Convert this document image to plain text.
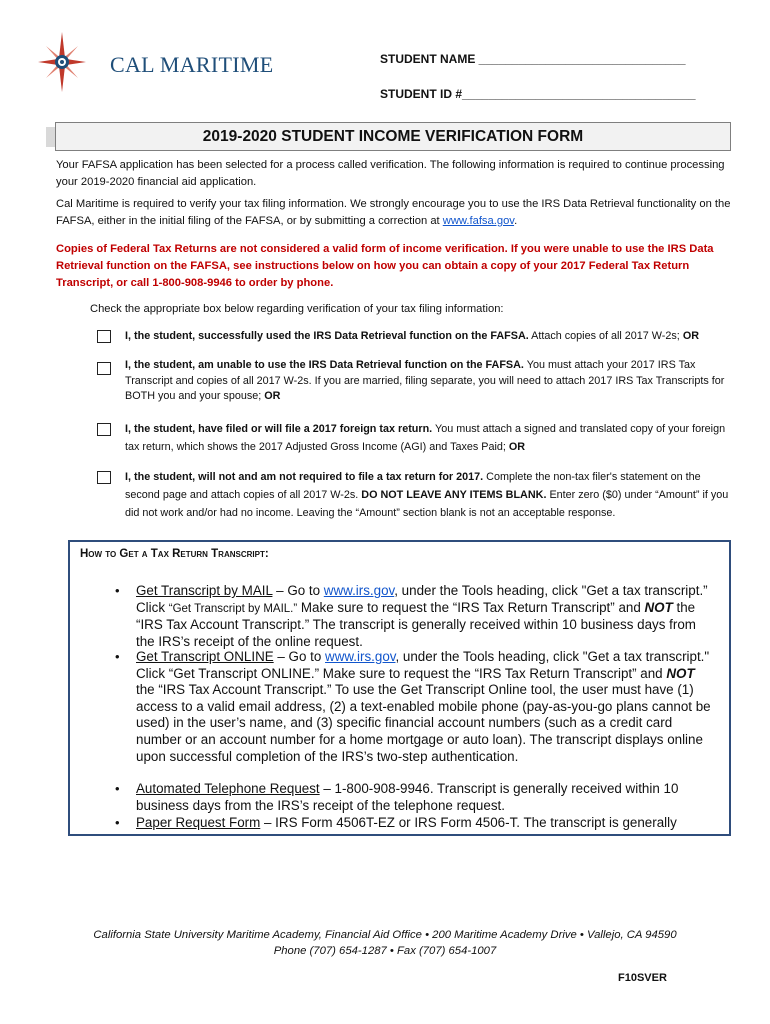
CAL MARITIME	STUDENT NAME _______________________________
STUDENT ID #___________________________________
2019-2020 STUDENT INCOME VERIFICATION FORM
Your FAFSA application has been selected for a process called verification. The following information is required to continue processing your 2019-2020 financial aid application.
Cal Maritime is required to verify your tax filing information. We strongly encourage you to use the IRS Data Retrieval functionality on the FAFSA, either in the initial filing of the FAFSA, or by submitting a correction at www.fafsa.gov.
Copies of Federal Tax Returns are not considered a valid form of income verification. If you were unable to use the IRS Data Retrieval function on the FAFSA, see instructions below on how you can obtain a copy of your 2017 Federal Tax Return Transcript, or call 1-800-908-9946 to order by phone.
Check the appropriate box below regarding verification of your tax filing information:
I, the student, successfully used the IRS Data Retrieval function on the FAFSA. Attach copies of all 2017 W-2s; OR
I, the student, am unable to use the IRS Data Retrieval function on the FAFSA. You must attach your 2017 IRS Tax Transcript and copies of all 2017 W-2s. If you are married, filing separate, you will need to attach 2017 IRS Tax Transcripts for BOTH you and your spouse; OR
I, the student, have filed or will file a 2017 foreign tax return. You must attach a signed and translated copy of your foreign tax return, which shows the 2017 Adjusted Gross Income (AGI) and Taxes Paid; OR
I, the student, will not and am not required to file a tax return for 2017. Complete the non-tax filer's statement on the second page and attach copies of all 2017 W-2s. DO NOT LEAVE ANY ITEMS BLANK. Enter zero ($0) under “Amount” if you did not work and/or had no income. Leaving the “Amount” section blank is not an acceptable response.
How to Get a Tax Return Transcript:
• Get Transcript by MAIL – Go to www.irs.gov, under the Tools heading, click "Get a tax transcript.” Click “Get Transcript by MAIL.” Make sure to request the “IRS Tax Return Transcript” and NOT the “IRS Tax Account Transcript.” The transcript is generally received within 10 business days from the IRS’s receipt of the online request.
• Get Transcript ONLINE – Go to www.irs.gov, under the Tools heading, click "Get a tax transcript." Click “Get Transcript ONLINE.” Make sure to request the “IRS Tax Return Transcript” and NOT the “IRS Tax Account Transcript.” To use the Get Transcript Online tool, the user must have (1) access to a valid email address, (2) a text-enabled mobile phone (pay-as-you-go plans cannot be used) in the user’s name, and (3) specific financial account numbers (such as a credit card number or an account number for a home mortgage or auto loan). The transcript displays online upon successful completion of the IRS’s two-step authentication.
• Automated Telephone Request – 1-800-908-9946. Transcript is generally received within 10 business days from the IRS’s receipt of the telephone request.
• Paper Request Form – IRS Form 4506T-EZ or IRS Form 4506-T. The transcript is generally
California State University Maritime Academy, Financial Aid Office • 200 Maritime Academy Drive • Vallejo, CA 94590
Phone (707) 654-1287 • Fax (707) 654-1007
F10SVER
